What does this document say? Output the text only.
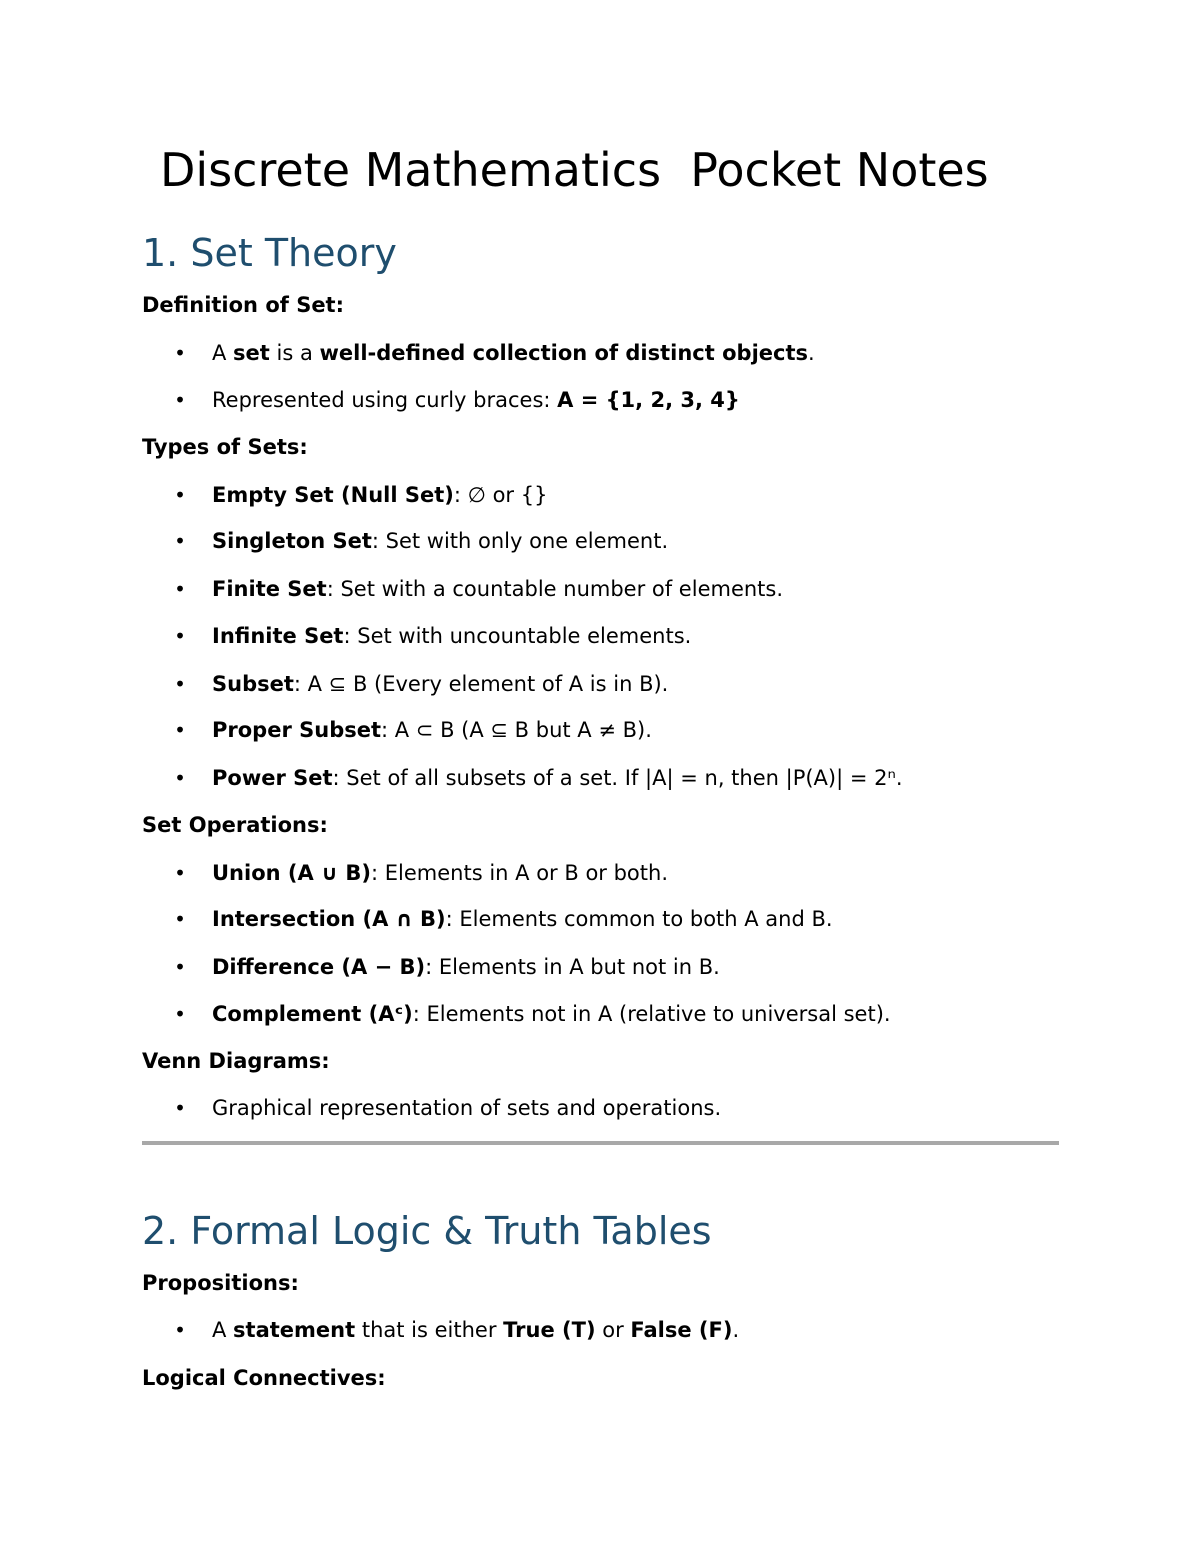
Discrete Mathematics  Pocket Notes
1. Set Theory
Definition of Set:
• A set is a well-defined collection of distinct objects.
• Represented using curly braces: A = {1, 2, 3, 4}
Types of Sets:
• Empty Set (Null Set): ∅ or {}
• Singleton Set: Set with only one element.
• Finite Set: Set with a countable number of elements.
• Infinite Set: Set with uncountable elements.
• Subset: A ⊆ B (Every element of A is in B).
• Proper Subset: A ⊂ B (A ⊆ B but A ≠ B).
• Power Set: Set of all subsets of a set. If |A| = n, then |P(A)| = 2ⁿ.
Set Operations:
• Union (A ∪ B): Elements in A or B or both.
• Intersection (A ∩ B): Elements common to both A and B.
• Difference (A − B): Elements in A but not in B.
• Complement (Aᶜ): Elements not in A (relative to universal set).
Venn Diagrams:
• Graphical representation of sets and operations.
2. Formal Logic & Truth Tables
Propositions:
• A statement that is either True (T) or False (F).
Logical Connectives:
